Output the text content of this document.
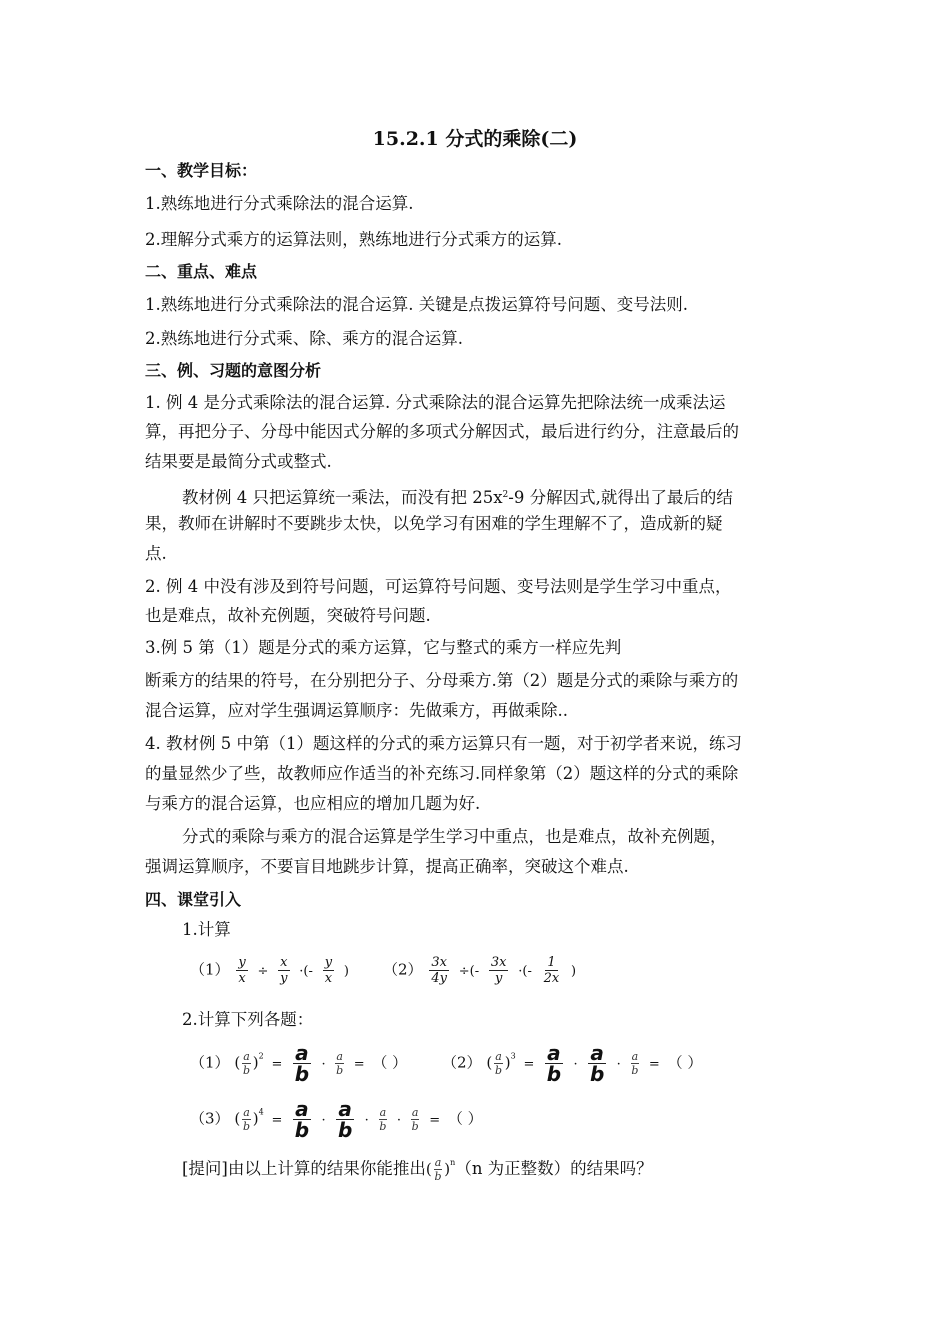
15.2.1 分式的乘除(二)
一、教学目标：
1.熟练地进行分式乘除法的混合运算.
2.理解分式乘方的运算法则，熟练地进行分式乘方的运算.
二、重点、难点
1.熟练地进行分式乘除法的混合运算. 关键是点拨运算符号问题、变号法则.
2.熟练地进行分式乘、除、乘方的混合运算.
三、例、习题的意图分析
1. 例 4 是分式乘除法的混合运算. 分式乘除法的混合运算先把除法统一成乘法运
算，再把分子、分母中能因式分解的多项式分解因式，最后进行约分，注意最后的
结果要是最简分式或整式.
教材例 4 只把运算统一乘法，而没有把 $25x^2-9$ 分解因式,就得出了最后的结
果，教师在讲解时不要跳步太快，以免学习有困难的学生理解不了，造成新的疑
点.
2. 例 4 中没有涉及到符号问题，可运算符号问题、变号法则是学生学习中重点，
也是难点，故补充例题，突破符号问题.
3.例 5 第（1）题是分式的乘方运算，它与整式的乘方一样应先判
断乘方的结果的符号，在分别把分子、分母乘方.第（2）题是分式的乘除与乘方的
混合运算，应对学生强调运算顺序：先做乘方，再做乘除..
4. 教材例 5 中第（1）题这样的分式的乘方运算只有一题，对于初学者来说，练习
的量显然少了些，故教师应作适当的补充练习.同样象第（2）题这样的分式的乘除
与乘方的混合运算，也应相应的增加几题为好.
分式的乘除与乘方的混合运算是学生学习中重点，也是难点，故补充例题，
强调运算顺序，不要盲目地跳步计算，提高正确率，突破这个难点.
四、课堂引入
1.计算
$(1) \frac{y}{x} \div \frac{x}{y}$ ·(- $\frac{y}{x}$ ) $(2) \frac{3x}{4y}$ ÷(- $\frac{3x}{y}$ ·(- $\frac{1}{2x}$ )
2.计算下列各题：
（1） ( $\frac{a}{b} )^2 = \frac{a}{b} \cdot \frac{a}{b}$ = （ ） （2） ( $\frac{a}{b} )^3 = \frac{a}{b} \cdot \frac{a}{b} \cdot \frac{a}{b}$ = （ ）
（3） ( $\frac{a}{b} )^4 = \frac{a}{b} \cdot \frac{a}{b} \cdot \frac{a}{b} \cdot \frac{a}{b}$ = （ ）
[提问]由以上计算的结果你能推出( $\frac{a}{b} )^n(n$ 为正整数）的结果吗？
